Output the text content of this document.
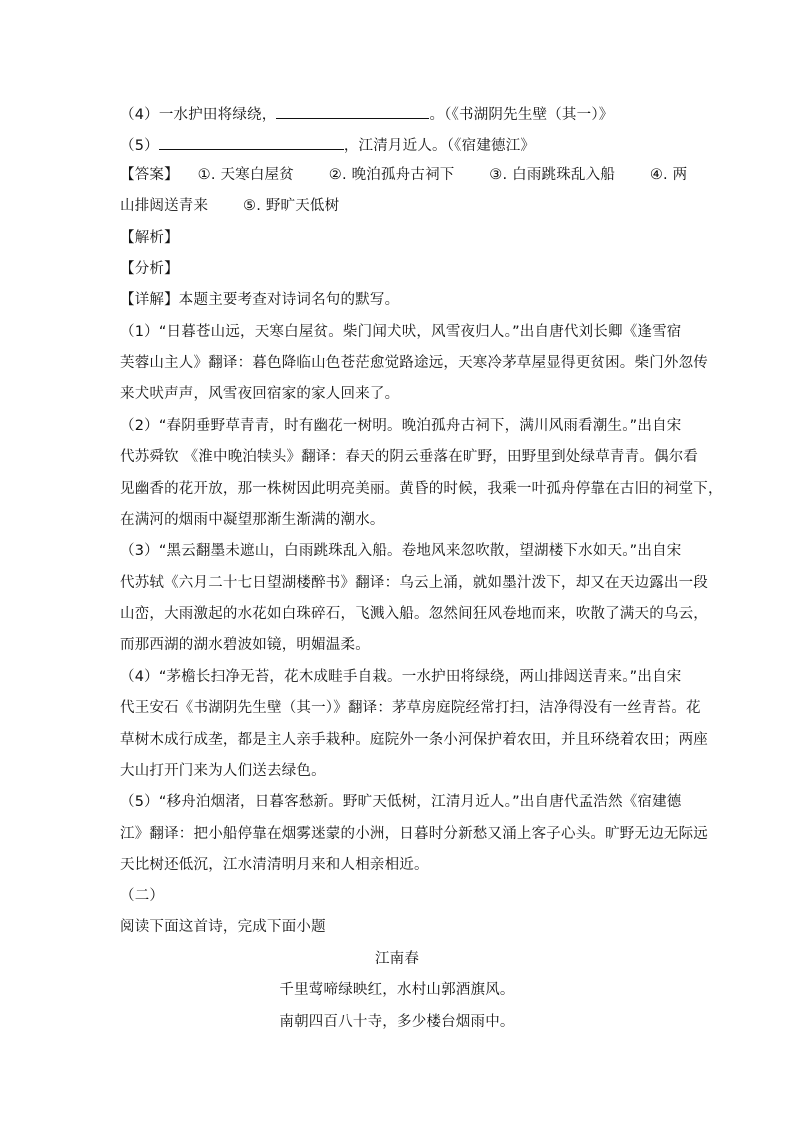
（4）一水护田将绿绕，	。（《书湖阴先生壁（其一）》
（5）	，江清月近人。（《宿建德江》
【答案】 ①. 天寒白屋贫 ②. 晚泊孤舟古祠下 ③. 白雨跳珠乱入船 ④. 两
山排闼送青来 ⑤. 野旷天低树
【解析】
【分析】
【详解】本题主要考查对诗词名句的默写。
（1）“日暮苍山远，天寒白屋贫。柴门闻犬吠，风雪夜归人。”出自唐代刘长卿《逢雪宿
芙蓉山主人》翻译：暮色降临山色苍茫愈觉路途远，天寒冷茅草屋显得更贫困。柴门外忽传
来犬吠声声，风雪夜回宿家的家人回来了。
（2）“春阴垂野草青青，时有幽花一树明。晚泊孤舟古祠下，满川风雨看潮生。”出自宋
代苏舜钦 《淮中晚泊犊头》翻译：春天的阴云垂落在旷野，田野里到处绿草青青。偶尔看
见幽香的花开放，那一株树因此明亮美丽。黄昏的时候，我乘一叶孤舟停靠在古旧的祠堂下，
在满河的烟雨中凝望那渐生渐满的潮水。
（3）“黑云翻墨未遮山，白雨跳珠乱入船。卷地风来忽吹散，望湖楼下水如天。”出自宋
代苏轼《六月二十七日望湖楼醉书》翻译：乌云上涌，就如墨汁泼下，却又在天边露出一段
山峦，大雨激起的水花如白珠碎石，飞溅入船。忽然间狂风卷地而来，吹散了满天的乌云，
而那西湖的湖水碧波如镜，明媚温柔。
（4）“茅檐长扫净无苔，花木成畦手自栽。一水护田将绿绕，两山排闼送青来。”出自宋
代王安石《书湖阴先生壁（其一）》翻译：茅草房庭院经常打扫，洁净得没有一丝青苔。花
草树木成行成垄，都是主人亲手栽种。庭院外一条小河保护着农田，并且环绕着农田；两座
大山打开门来为人们送去绿色。
（5）“移舟泊烟渚，日暮客愁新。野旷天低树，江清月近人。”出自唐代孟浩然《宿建德
江》翻译：把小船停靠在烟雾迷蒙的小洲，日暮时分新愁又涌上客子心头。旷野无边无际远
天比树还低沉，江水清清明月来和人相亲相近。
（二）
阅读下面这首诗，完成下面小题
江南春
千里莺啼绿映红，水村山郭酒旗风。
南朝四百八十寺，多少楼台烟雨中。
